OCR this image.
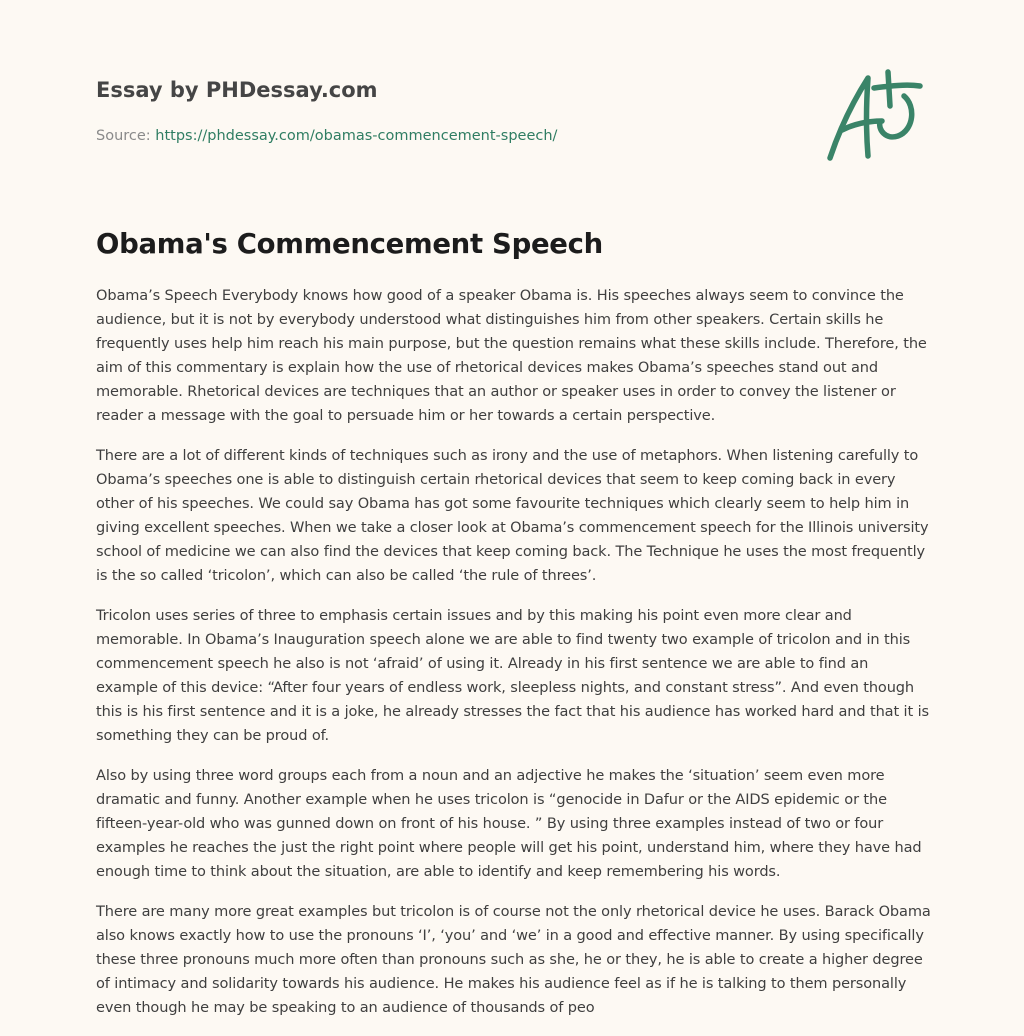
Essay by PHDessay.com
Source: https://phdessay.com/obamas-commencement-speech/
Obama's Commencement Speech

Obama’s Speech Everybody knows how good of a speaker Obama is. His speeches always seem to convince the audience, but it is not by everybody understood what distinguishes him from other speakers. Certain skills he frequently uses help him reach his main purpose, but the question remains what these skills include. Therefore, the aim of this commentary is explain how the use of rhetorical devices makes Obama’s speeches stand out and memorable. Rhetorical devices are techniques that an author or speaker uses in order to convey the listener or reader a message with the goal to persuade him or her towards a certain perspective.

There are a lot of different kinds of techniques such as irony and the use of metaphors. When listening carefully to Obama’s speeches one is able to distinguish certain rhetorical devices that seem to keep coming back in every other of his speeches. We could say Obama has got some favourite techniques which clearly seem to help him in giving excellent speeches. When we take a closer look at Obama’s commencement speech for the Illinois university school of medicine we can also find the devices that keep coming back. The Technique he uses the most frequently is the so called ‘tricolon’, which can also be called ‘the rule of threes’.

Tricolon uses series of three to emphasis certain issues and by this making his point even more clear and memorable. In Obama’s Inauguration speech alone we are able to find twenty two example of tricolon and in this commencement speech he also is not ‘afraid’ of using it. Already in his first sentence we are able to find an example of this device: “After four years of endless work, sleepless nights, and constant stress”. And even though this is his first sentence and it is a joke, he already stresses the fact that his audience has worked hard and that it is something they can be proud of.

Also by using three word groups each from a noun and an adjective he makes the ‘situation’ seem even more dramatic and funny. Another example when he uses tricolon is “genocide in Dafur or the AIDS epidemic or the fifteen-year-old who was gunned down on front of his house. ” By using three examples instead of two or four examples he reaches the just the right point where people will get his point, understand him, where they have had enough time to think about the situation, are able to identify and keep remembering his words.

There are many more great examples but tricolon is of course not the only rhetorical device he uses. Barack Obama also knows exactly how to use the pronouns ‘I’, ‘you’ and ‘we’ in a good and effective manner. By using specifically these three pronouns much more often than pronouns such as she, he or they, he is able to create a higher degree of intimacy and solidarity towards his audience. He makes his audience feel as if he is talking to them personally even though he may be speaking to an audience of thousands of peo
